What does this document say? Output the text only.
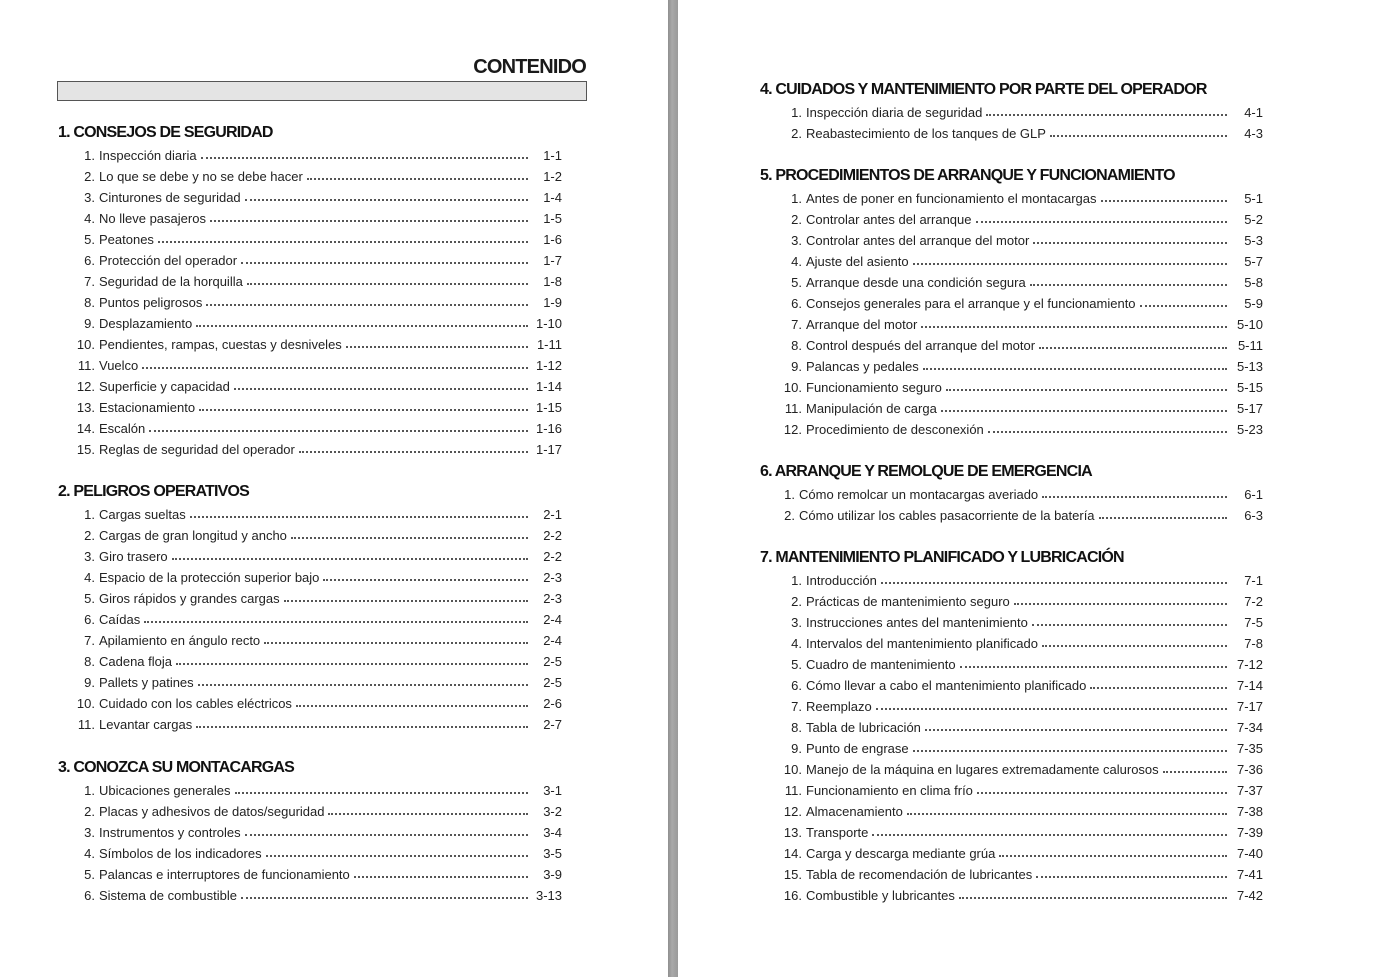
CONTENIDO
1. CONSEJOS DE SEGURIDAD
1. Inspección diaria	1-1
2. Lo que se debe y no se debe hacer	1-2
3. Cinturones de seguridad	1-4
4. No lleve pasajeros	1-5
5. Peatones	1-6
6. Protección del operador	1-7
7. Seguridad de la horquilla	1-8
8. Puntos peligrosos	1-9
9. Desplazamiento	1-10
10. Pendientes, rampas, cuestas y desniveles	1-11
11. Vuelco	1-12
12. Superficie y capacidad	1-14
13. Estacionamiento	1-15
14. Escalón	1-16
15. Reglas de seguridad del operador	1-17
2. PELIGROS OPERATIVOS
1. Cargas sueltas	2-1
2. Cargas de gran longitud y ancho	2-2
3. Giro trasero	2-2
4. Espacio de la protección superior bajo	2-3
5. Giros rápidos y grandes cargas	2-3
6. Caídas	2-4
7. Apilamiento en ángulo recto	2-4
8. Cadena floja	2-5
9. Pallets y patines	2-5
10. Cuidado con los cables eléctricos	2-6
11. Levantar cargas	2-7
3. CONOZCA SU MONTACARGAS
1. Ubicaciones generales	3-1
2. Placas y adhesivos de datos/seguridad	3-2
3. Instrumentos y controles	3-4
4. Símbolos de los indicadores	3-5
5. Palancas e interruptores de funcionamiento	3-9
6. Sistema de combustible	3-13
4. CUIDADOS Y MANTENIMIENTO POR PARTE DEL OPERADOR
1. Inspección diaria de seguridad	4-1
2. Reabastecimiento de los tanques de GLP	4-3
5. PROCEDIMIENTOS DE ARRANQUE Y FUNCIONAMIENTO
1. Antes de poner en funcionamiento el montacargas	5-1
2. Controlar antes del arranque	5-2
3. Controlar antes del arranque del motor	5-3
4. Ajuste del asiento	5-7
5. Arranque desde una condición segura	5-8
6. Consejos generales para el arranque y el funcionamiento	5-9
7. Arranque del motor	5-10
8. Control después del arranque del motor	5-11
9. Palancas y pedales	5-13
10. Funcionamiento seguro	5-15
11. Manipulación de carga	5-17
12. Procedimiento de desconexión	5-23
6. ARRANQUE Y REMOLQUE DE EMERGENCIA
1. Cómo remolcar un montacargas averiado	6-1
2. Cómo utilizar los cables pasacorriente de la batería	6-3
7. MANTENIMIENTO PLANIFICADO Y LUBRICACIÓN
1. Introducción	7-1
2. Prácticas de mantenimiento seguro	7-2
3. Instrucciones antes del mantenimiento	7-5
4. Intervalos del mantenimiento planificado	7-8
5. Cuadro de mantenimiento	7-12
6. Cómo llevar a cabo el mantenimiento planificado	7-14
7. Reemplazo	7-17
8. Tabla de lubricación	7-34
9. Punto de engrase	7-35
10. Manejo de la máquina en lugares extremadamente calurosos	7-36
11. Funcionamiento en clima frío	7-37
12. Almacenamiento	7-38
13. Transporte	7-39
14. Carga y descarga mediante grúa	7-40
15. Tabla de recomendación de lubricantes	7-41
16. Combustible y lubricantes	7-42
